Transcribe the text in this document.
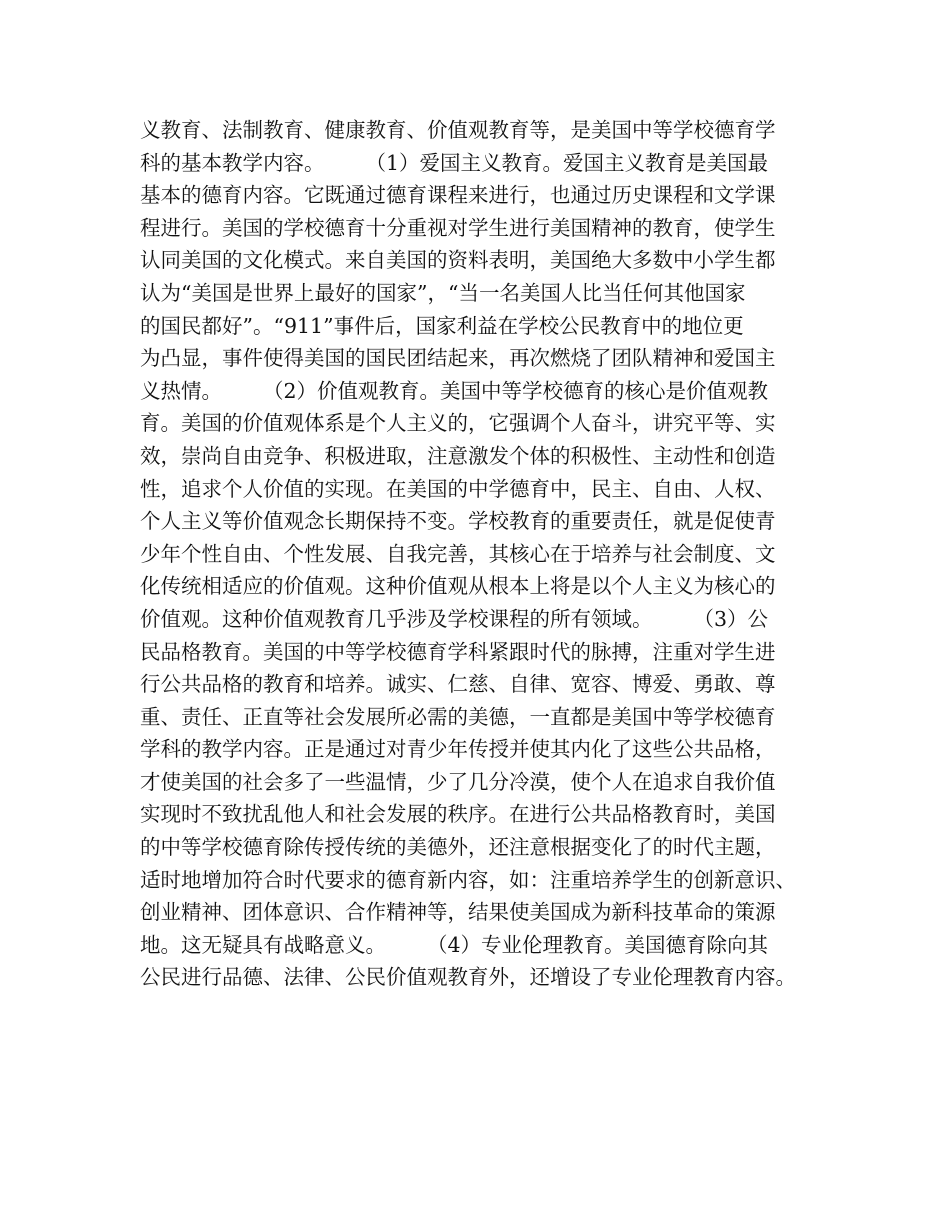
义教育、法制教育、健康教育、价值观教育等，是美国中等学校德育学
科的基本教学内容。　　　（1）爱国主义教育。爱国主义教育是美国最
基本的德育内容。它既通过德育课程来进行，也通过历史课程和文学课
程进行。美国的学校德育十分重视对学生进行美国精神的教育，使学生
认同美国的文化模式。来自美国的资料表明，美国绝大多数中小学生都
认为“美国是世界上最好的国家”，“当一名美国人比当任何其他国家
的国民都好”。“911”事件后，国家利益在学校公民教育中的地位更
为凸显，事件使得美国的国民团结起来，再次燃烧了团队精神和爱国主
义热情。　　　（2）价值观教育。美国中等学校德育的核心是价值观教
育。美国的价值观体系是个人主义的，它强调个人奋斗，讲究平等、实
效，崇尚自由竞争、积极进取，注意激发个体的积极性、主动性和创造
性，追求个人价值的实现。在美国的中学德育中，民主、自由、人权、
个人主义等价值观念长期保持不变。学校教育的重要责任，就是促使青
少年个性自由、个性发展、自我完善，其核心在于培养与社会制度、文
化传统相适应的价值观。这种价值观从根本上将是以个人主义为核心的
价值观。这种价值观教育几乎涉及学校课程的所有领域。　　　（3）公
民品格教育。美国的中等学校德育学科紧跟时代的脉搏，注重对学生进
行公共品格的教育和培养。诚实、仁慈、自律、宽容、博爱、勇敢、尊
重、责任、正直等社会发展所必需的美德，一直都是美国中等学校德育
学科的教学内容。正是通过对青少年传授并使其内化了这些公共品格，
才使美国的社会多了一些温情，少了几分冷漠，使个人在追求自我价值
实现时不致扰乱他人和社会发展的秩序。在进行公共品格教育时，美国
的中等学校德育除传授传统的美德外，还注意根据变化了的时代主题，
适时地增加符合时代要求的德育新内容，如：注重培养学生的创新意识、
创业精神、团体意识、合作精神等，结果使美国成为新科技革命的策源
地。这无疑具有战略意义。　　　（4）专业伦理教育。美国德育除向其
公民进行品德、法律、公民价值观教育外，还增设了专业伦理教育内容。
